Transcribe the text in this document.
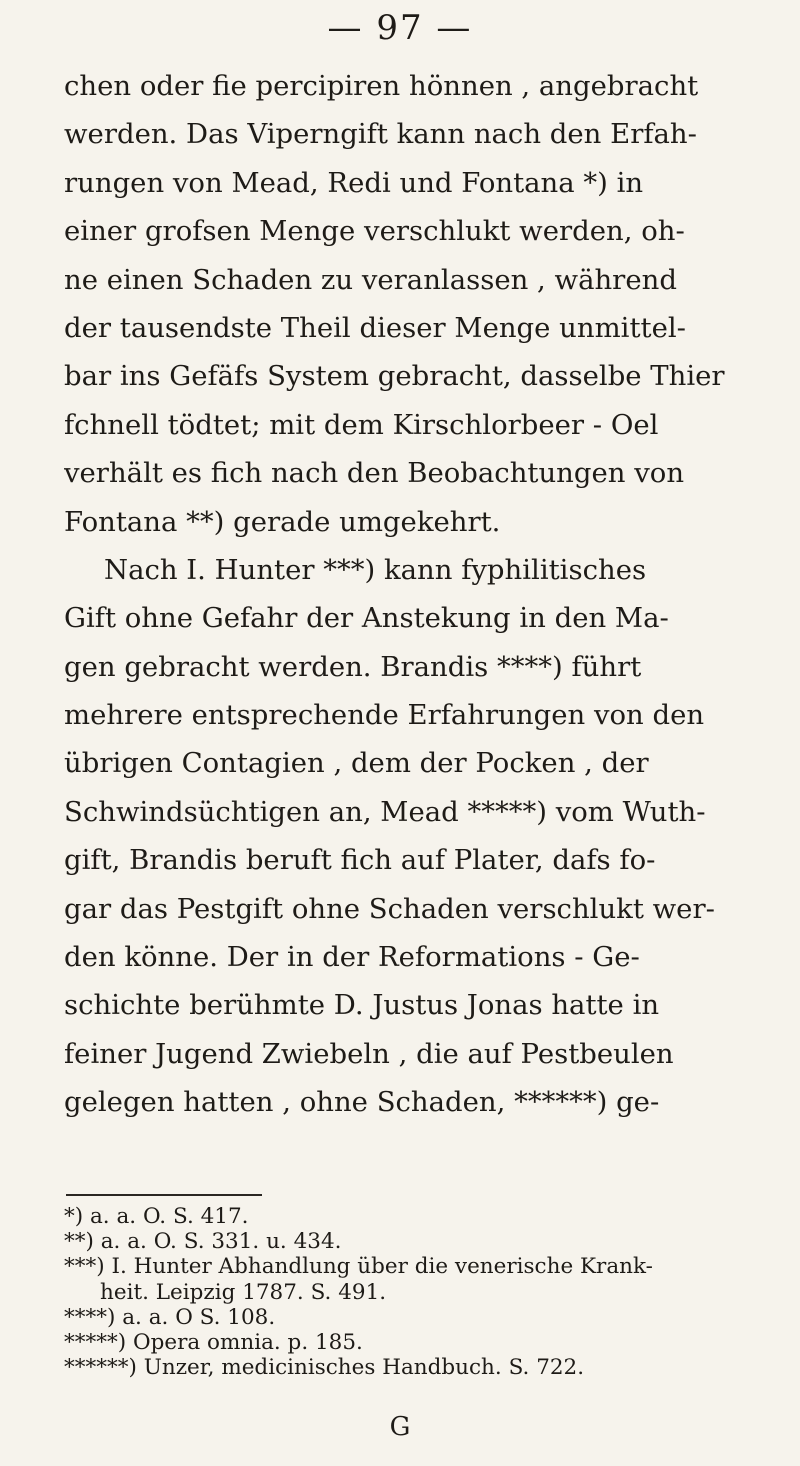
— 97 —
chen oder fie percipiren hönnen , angebracht
werden. Das Viperngift kann nach den Erfah-
rungen von Mead, Redi und Fontana *) in
einer grofsen Menge verschlukt werden, oh-
ne einen Schaden zu veranlassen , während
der tausendste Theil dieser Menge unmittel-
bar ins Gefäfs System gebracht, dasselbe Thier
fchnell tödtet; mit dem Kirschlorbeer - Oel
verhält es fich nach den Beobachtungen von
Fontana **) gerade umgekehrt.
Nach I. Hunter ***) kann fyphilitisches
Gift ohne Gefahr der Anstekung in den Ma-
gen gebracht werden. Brandis ****) führt
mehrere entsprechende Erfahrungen von den
übrigen Contagien , dem der Pocken , der
Schwindsüchtigen an, Mead *****) vom Wuth-
gift, Brandis beruft fich auf Plater, dafs fo-
gar das Pestgift ohne Schaden verschlukt wer-
den könne. Der in der Reformations - Ge-
schichte berühmte D. Justus Jonas hatte in
feiner Jugend Zwiebeln , die auf Pestbeulen
gelegen hatten , ohne Schaden, ******) ge-
*) a. a. O. S. 417.
**) a. a. O. S. 331. u. 434.
***) I. Hunter Abhandlung über die venerische Krank-
heit. Leipzig 1787. S. 491.
****) a. a. O S. 108.
*****) Opera omnia. p. 185.
******) Unzer, medicinisches Handbuch. S. 722.
G
